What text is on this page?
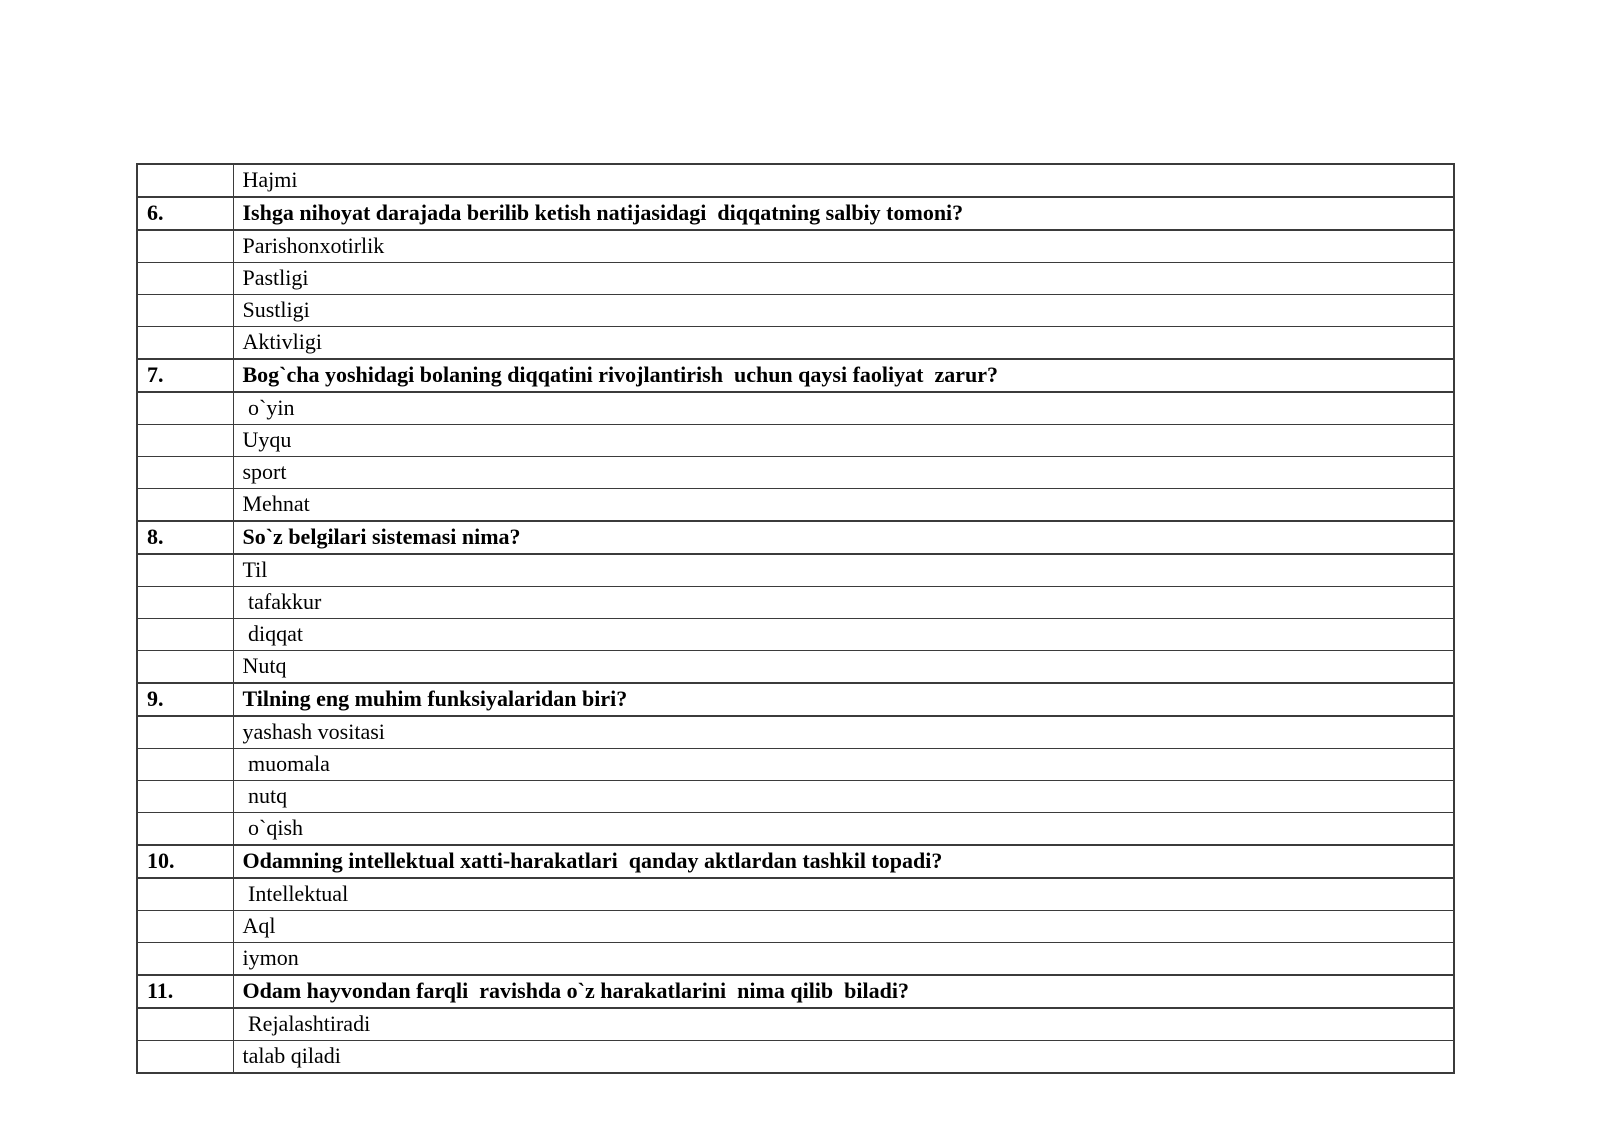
	Hajmi
6.	Ishga nihoyat darajada berilib ketish natijasidagi  diqqatning salbiy tomoni?
	Parishonxotirlik
	Pastligi
	Sustligi
	Aktivligi
7.	Bog`cha yoshidagi bolaning diqqatini rivojlantirish  uchun qaysi faoliyat  zarur?
	o`yin
	Uyqu
	sport
	Mehnat
8.	So`z belgilari sistemasi nima?
	Til
	tafakkur
	diqqat
	Nutq
9.	Tilning eng muhim funksiyalaridan biri?
	yashash vositasi
	muomala
	nutq
	o`qish
10.	Odamning intellektual xatti-harakatlari  qanday aktlardan tashkil topadi?
	Intellektual
	Aql
	iymon
11.	Odam hayvondan farqli  ravishda o`z harakatlarini  nima qilib  biladi?
	Rejalashtiradi
	talab qiladi
